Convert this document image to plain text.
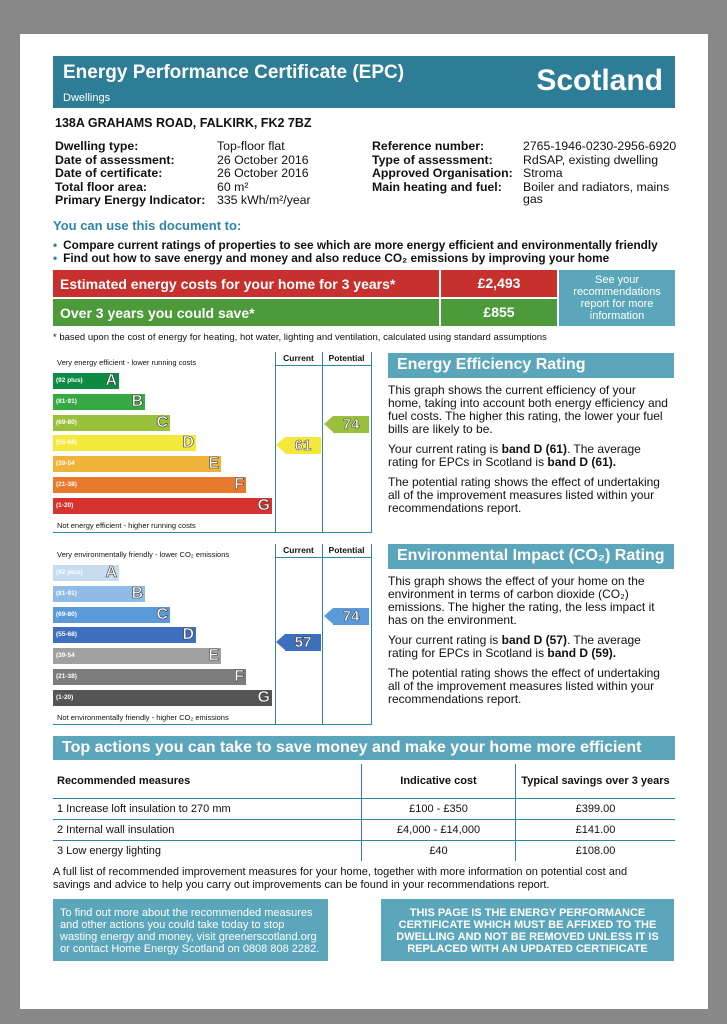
Energy Performance Certificate (EPC)
Dwellings
Scotland
138A GRAHAMS ROAD, FALKIRK, FK2 7BZ
Dwelling type:	Top-floor flat
Date of assessment:	26 October 2016
Date of certificate:	26 October 2016
Total floor area:	60 m²
Primary Energy Indicator: 335 kWh/m²/year
Reference number:	2765-1946-0230-2956-6920
Type of assessment:	RdSAP, existing dwelling
Approved Organisation: Stroma
Main heating and fuel:	Boiler and radiators, mains gas
You can use this document to:
• Compare current ratings of properties to see which are more energy efficient and environmentally friendly
• Find out how to save energy and money and also reduce CO₂ emissions by improving your home
Estimated energy costs for your home for 3 years*	£2,493
Over 3 years you could save*	£855
See your recommendations report for more information
* based upon the cost of energy for heating, hot water, lighting and ventilation, calculated using standard assumptions
Current	Potential
Very energy efficient - lower running costs
Not energy efficient - higher running costs
(92 plus) A
(81-91)	B
(69-80)	C
(55-68)	D
(39-54	E
(21-38)	F
(1-20)	G
61
74
Energy Efficiency Rating
This graph shows the current efficiency of your home, taking into account both energy efficiency and fuel costs. The higher this rating, the lower your fuel bills are likely to be.
Your current rating is band D (61). The average rating for EPCs in Scotland is band D (61).
The potential rating shows the effect of undertaking all of the improvement measures listed within your recommendations report.
Current	Potential
Very environmentally friendly - lower CO₂ emissions
Not environmentally friendly - higher CO₂ emissions
(92 plus) A
(81-91)	B
(69-80)	C
(55-68)	D
(39-54	E
(21-38)	F
(1-20)	G
57
74
Environmental Impact (CO₂) Rating
This graph shows the effect of your home on the environment in terms of carbon dioxide (CO₂) emissions. The higher the rating, the less impact it has on the environment.
Your current rating is band D (57). The average rating for EPCs in Scotland is band D (59).
The potential rating shows the effect of undertaking all of the improvement measures listed within your recommendations report.
Top actions you can take to save money and make your home more efficient
Recommended measures	Indicative cost	Typical savings over 3 years
1 Increase loft insulation to 270 mm	£100 - £350	£399.00
2 Internal wall insulation	£4,000 - £14,000	£141.00
3 Low energy lighting	£40	£108.00
A full list of recommended improvement measures for your home, together with more information on potential cost and savings and advice to help you carry out improvements can be found in your recommendations report.
To find out more about the recommended measures and other actions you could take today to stop wasting energy and money, visit greenerscotland.org or contact Home Energy Scotland on 0808 808 2282.
THIS PAGE IS THE ENERGY PERFORMANCE CERTIFICATE WHICH MUST BE AFFIXED TO THE DWELLING AND NOT BE REMOVED UNLESS IT IS REPLACED WITH AN UPDATED CERTIFICATE
